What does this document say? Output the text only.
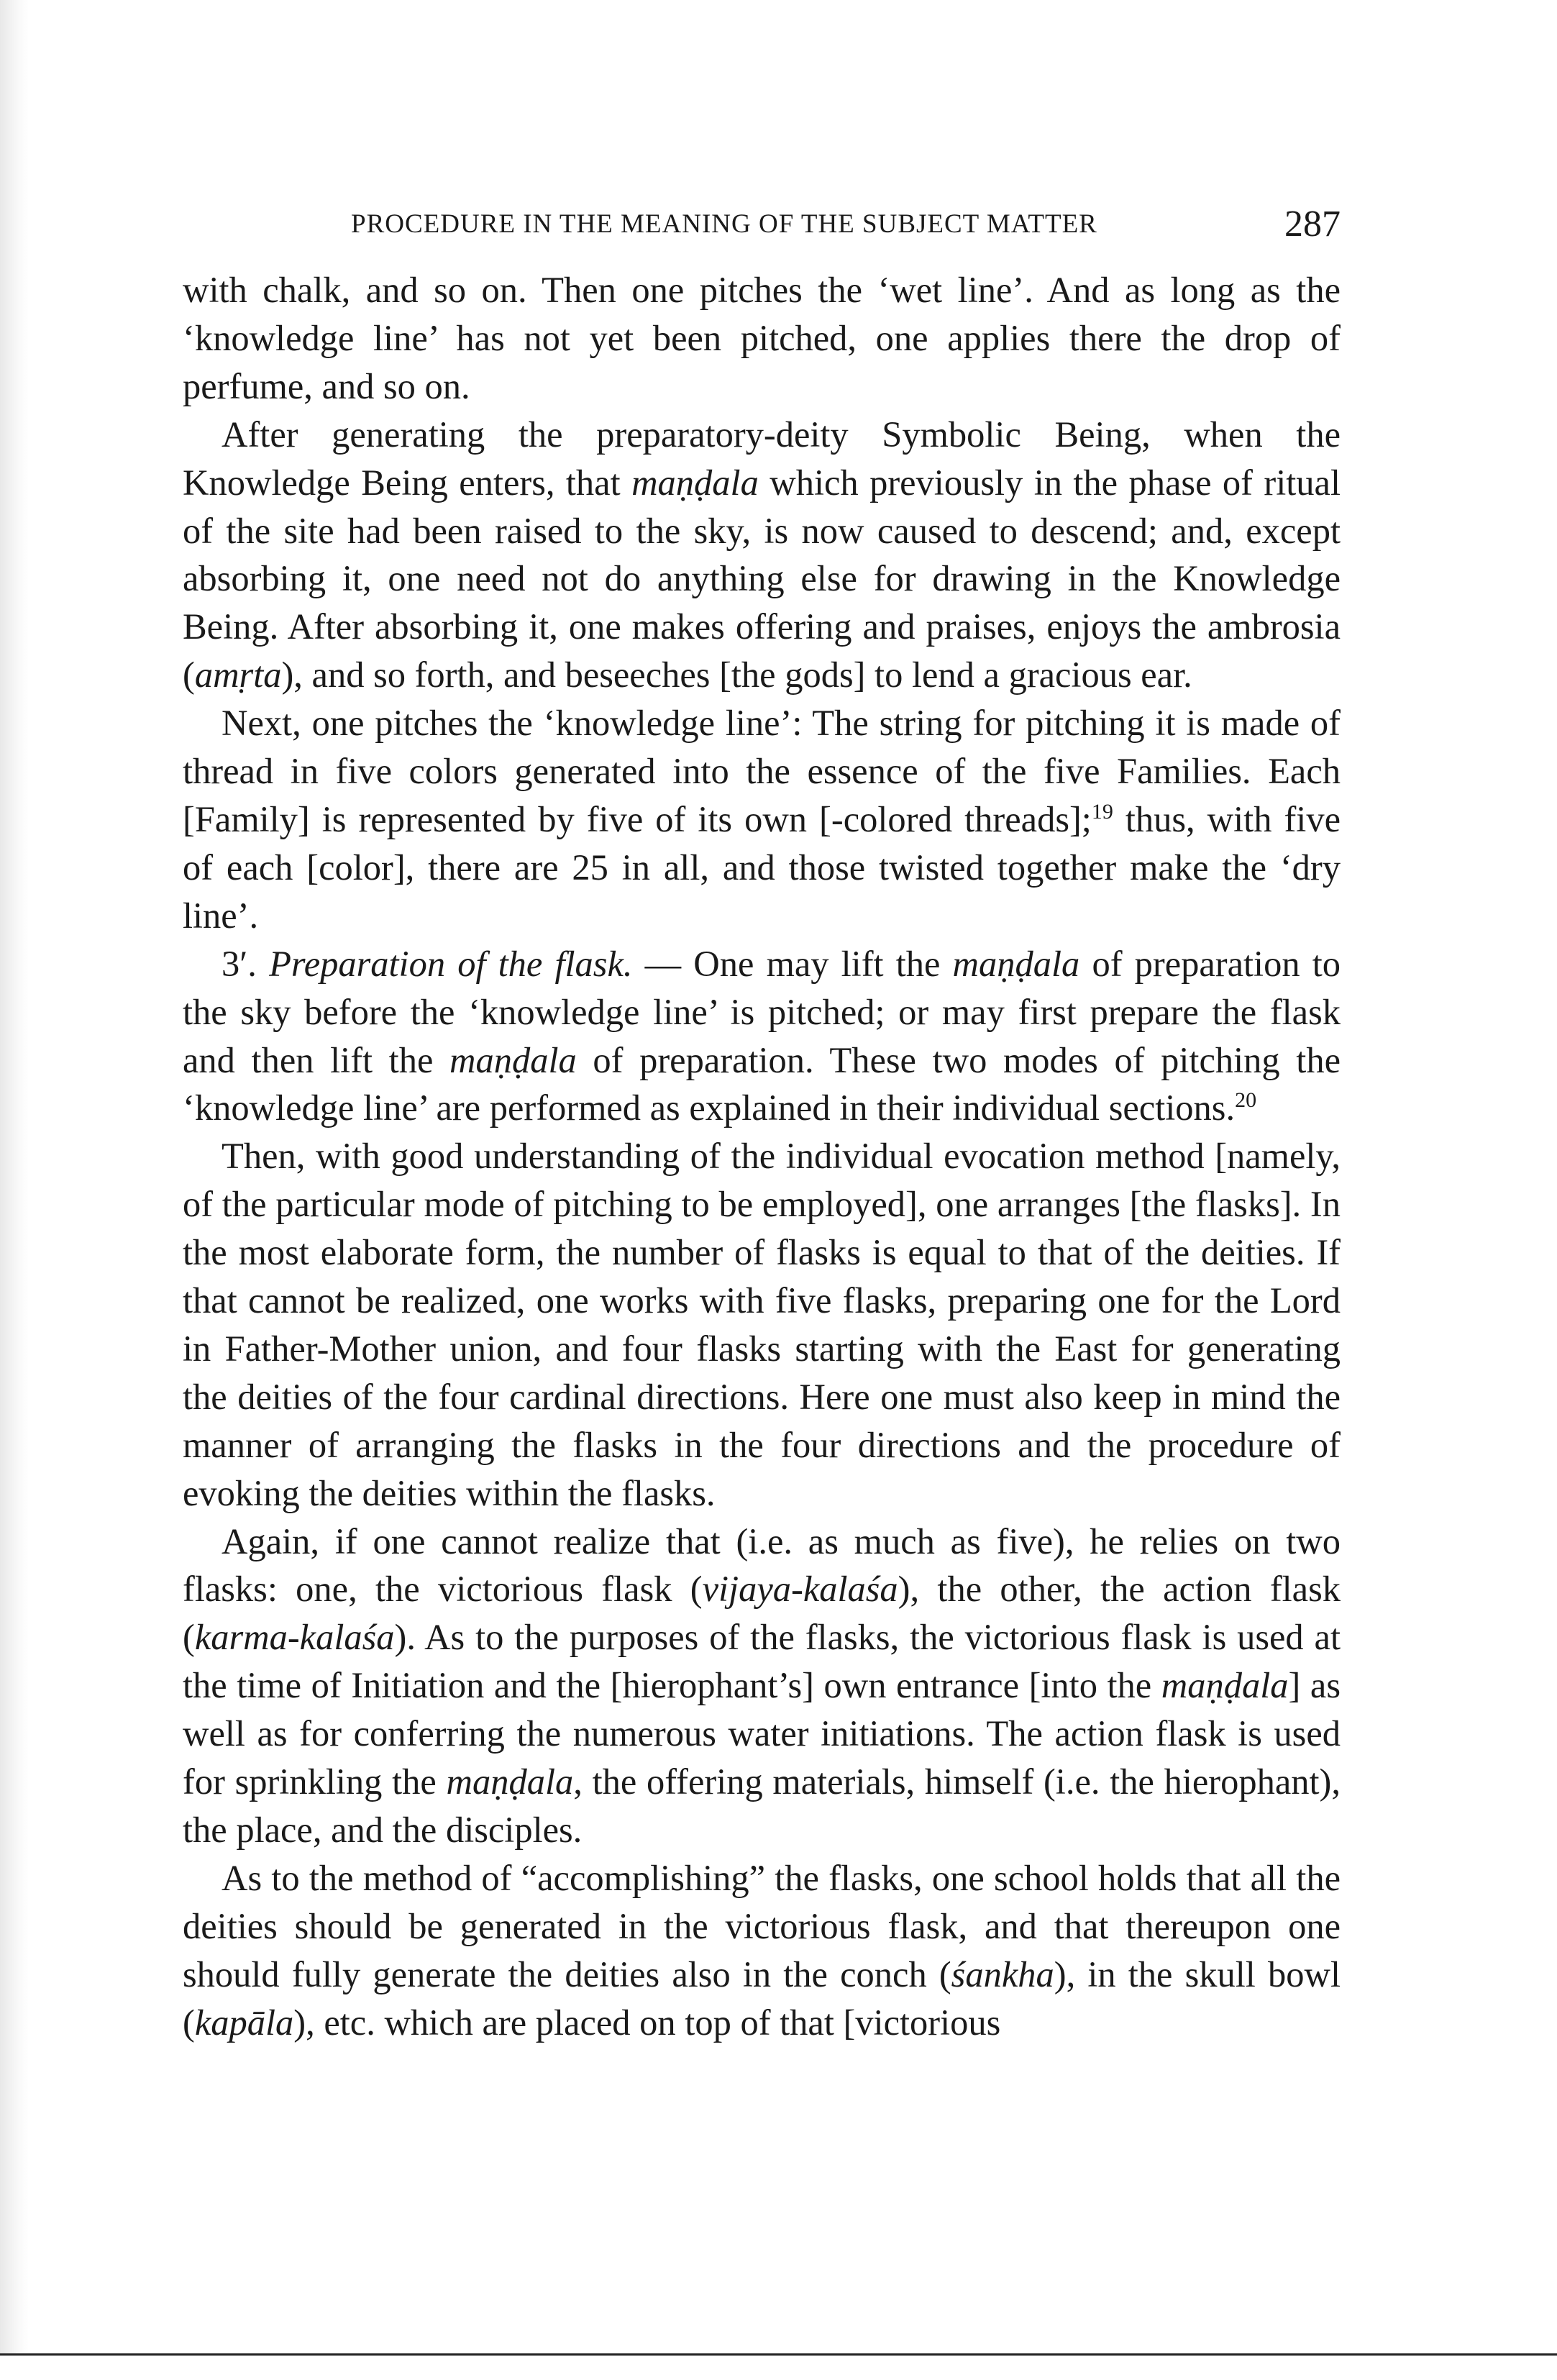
PROCEDURE IN THE MEANING OF THE SUBJECT MATTER	287

with chalk, and so on. Then one pitches the ‘wet line’. And as long as the ‘knowledge line’ has not yet been pitched, one applies there the drop of perfume, and so on.

After generating the preparatory-deity Symbolic Being, when the Knowledge Being enters, that maṇḍala which previously in the phase of ritual of the site had been raised to the sky, is now caused to descend; and, except absorbing it, one need not do anything else for drawing in the Knowledge Being. After absorbing it, one makes offering and praises, enjoys the ambrosia (amṛta), and so forth, and beseeches [the gods] to lend a gracious ear.

Next, one pitches the ‘knowledge line’: The string for pitching it is made of thread in five colors generated into the essence of the five Families. Each [Family] is represented by five of its own [-colored threads];$^{19}$ thus, with five of each [color], there are 25 in all, and those twisted together make the ‘dry line’.

3′. Preparation of the flask. — One may lift the maṇḍala of preparation to the sky before the ‘knowledge line’ is pitched; or may first prepare the flask and then lift the maṇḍala of preparation. These two modes of pitching the ‘knowledge line’ are performed as explained in their individual sections.$^{20}$

Then, with good understanding of the individual evocation method [namely, of the particular mode of pitching to be employed], one arranges [the flasks]. In the most elaborate form, the number of flasks is equal to that of the deities. If that cannot be realized, one works with five flasks, preparing one for the Lord in Father-Mother union, and four flasks starting with the East for generating the deities of the four cardinal directions. Here one must also keep in mind the manner of arranging the flasks in the four directions and the procedure of evoking the deities within the flasks.

Again, if one cannot realize that (i.e. as much as five), he relies on two flasks: one, the victorious flask (vijaya-kalaśa), the other, the action flask (karma-kalaśa). As to the purposes of the flasks, the victorious flask is used at the time of Initiation and the [hierophant’s] own entrance [into the maṇḍala] as well as for conferring the numerous water initiations. The action flask is used for sprinkling the maṇḍala, the offering materials, himself (i.e. the hierophant), the place, and the disciples.

As to the method of “accomplishing” the flasks, one school holds that all the deities should be generated in the victorious flask, and that thereupon one should fully generate the deities also in the conch (śankha), in the skull bowl (kapāla), etc. which are placed on top of that [victorious
